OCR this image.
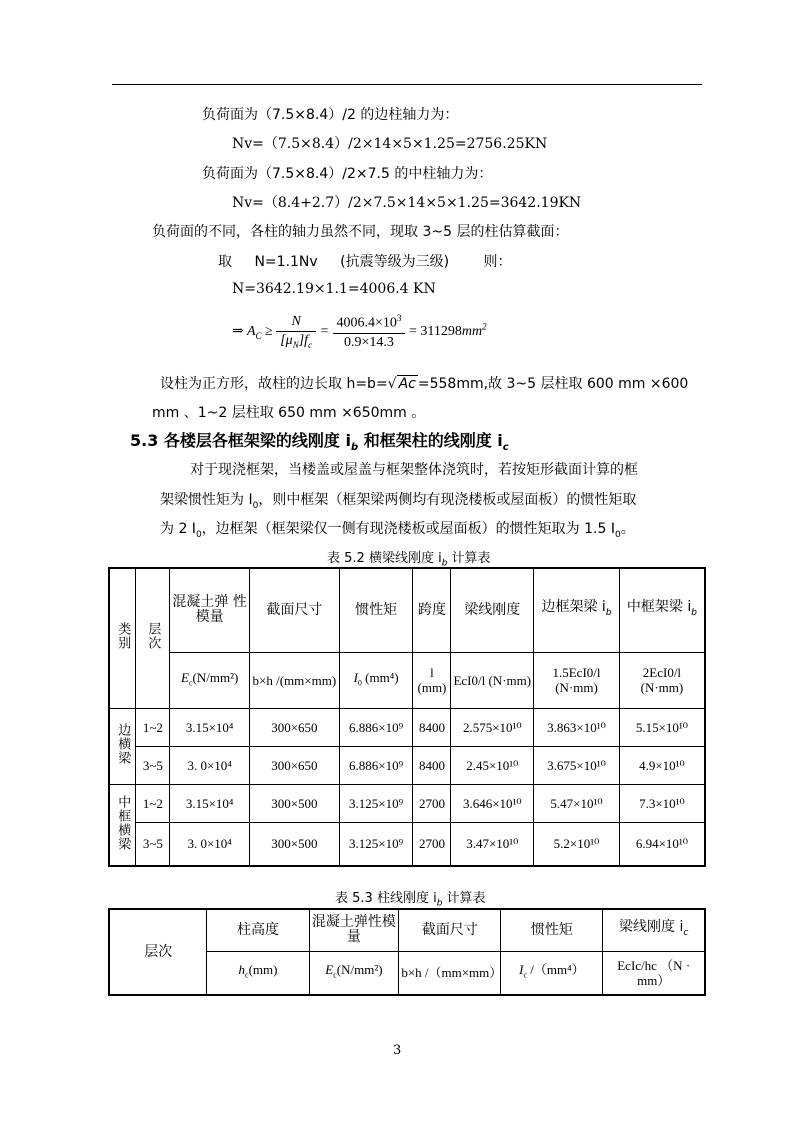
负荷面为（7.5×8.4）/2 的边柱轴力为：
Nv=（7.5×8.4）/2×14×5×1.25=2756.25KN
负荷面为（7.5×8.4）/2×7.5 的中柱轴力为：
Nv=（8.4+2.7）/2×7.5×14×5×1.25=3642.19KN
负荷面的不同，各柱的轴力虽然不同，现取 3~5 层的柱估算截面：
取 N=1.1Nv (抗震等级为三级) 则：
N=3642.19×1.1=4006.4 KN
⇒ $A_C \ge \frac{N}{[\mu_N]f_c} = \frac{4006.4\times 10^3}{0.9\times 14.3} = 311298mm^2$
设柱为正方形，故柱的边长取 h=b=√ Ac =558mm,故 3~5 层柱取 600 mm ×600
mm 、1~2 层柱取 650 mm ×650mm 。
5.3 各楼层各框架梁的线刚度 $i_b$ 和框架柱的线刚度 $i_c$
对于现浇框架，当楼盖或屋盖与框架整体浇筑时，若按矩形截面计算的框
架梁惯性矩为 $I_0$，则中框架（框架梁两侧均有现浇楼板或屋面板）的惯性矩取
为 2 $I_0$，边框架（框架梁仅一侧有现浇楼板或屋面板）的惯性矩取为 1.5 $I_0$。
表 5.2 横梁线刚度 $i_b$ 计算表
类别	层次	混凝土弹 性 模量	截面尺寸	惯性矩	跨度	梁线刚度	边框架梁 $i_b$	中框架梁 $i_b$
		$E_c(N/mm^2)$	b×h /(mm×mm)	$I_0$ (mm⁴)	l (mm)	EcI0/l (N·mm)	1.5EcI0/l (N·mm)	2EcI0/l (N·mm)
边横梁	1~2	3.15×10⁴	300×650	6.886×10⁹	8400	2.575×10¹⁰	3.863×10¹⁰	5.15×10¹⁰
	3~5	3. 0×10⁴	300×650	6.886×10⁹	8400	2.45×10¹⁰	3.675×10¹⁰	4.9×10¹⁰
中框横梁	1~2	3.15×10⁴	300×500	3.125×10⁹	2700	3.646×10¹⁰	5.47×10¹⁰	7.3×10¹⁰
	3~5	3. 0×10⁴	300×500	3.125×10⁹	2700	3.47×10¹⁰	5.2×10¹⁰	6.94×10¹⁰
表 5.3 柱线刚度 $i_b$ 计算表
层次	柱高度	混凝土弹性模量	截面尺寸	惯性矩	梁线刚度 $i_c$
	$h_c(mm)$	$E_c(N/mm^2)$	b×h /（mm×mm）	$I_c$ /（mm⁴）	EcIc/hc （N · mm）
3
